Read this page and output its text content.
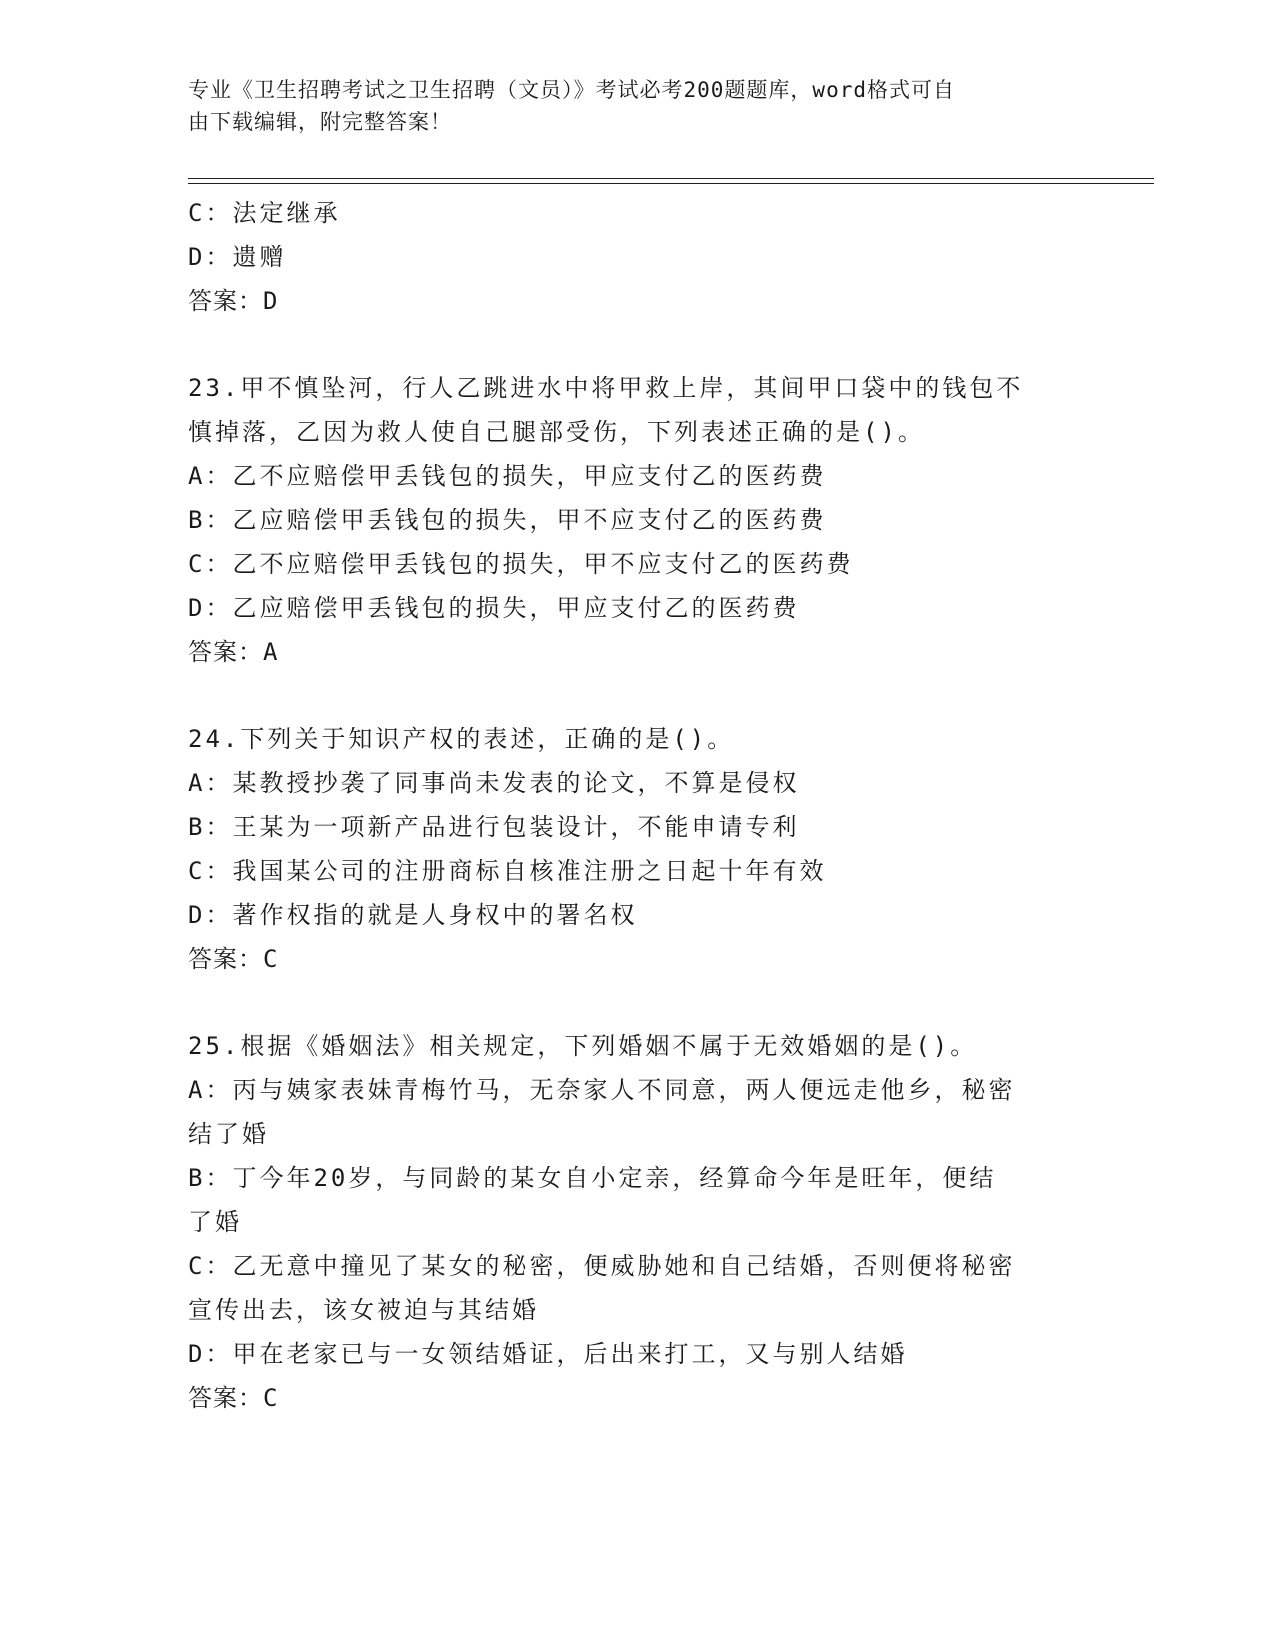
专业《卫生招聘考试之卫生招聘（文员）》考试必考200题题库，word格式可自
由下载编辑，附完整答案！
C：法定继承
D：遗赠
答案：D
23.甲不慎坠河，行人乙跳进水中将甲救上岸，其间甲口袋中的钱包不
慎掉落，乙因为救人使自己腿部受伤，下列表述正确的是()。
A：乙不应赔偿甲丢钱包的损失，甲应支付乙的医药费
B：乙应赔偿甲丢钱包的损失，甲不应支付乙的医药费
C：乙不应赔偿甲丢钱包的损失，甲不应支付乙的医药费
D：乙应赔偿甲丢钱包的损失，甲应支付乙的医药费
答案：A
24.下列关于知识产权的表述，正确的是()。
A：某教授抄袭了同事尚未发表的论文，不算是侵权
B：王某为一项新产品进行包装设计，不能申请专利
C：我国某公司的注册商标自核准注册之日起十年有效
D：著作权指的就是人身权中的署名权
答案：C
25.根据《婚姻法》相关规定，下列婚姻不属于无效婚姻的是()。
A：丙与姨家表妹青梅竹马，无奈家人不同意，两人便远走他乡，秘密
结了婚
B：丁今年20岁，与同龄的某女自小定亲，经算命今年是旺年，便结
了婚
C：乙无意中撞见了某女的秘密，便威胁她和自己结婚，否则便将秘密
宣传出去，该女被迫与其结婚
D：甲在老家已与一女领结婚证，后出来打工，又与别人结婚
答案：C
